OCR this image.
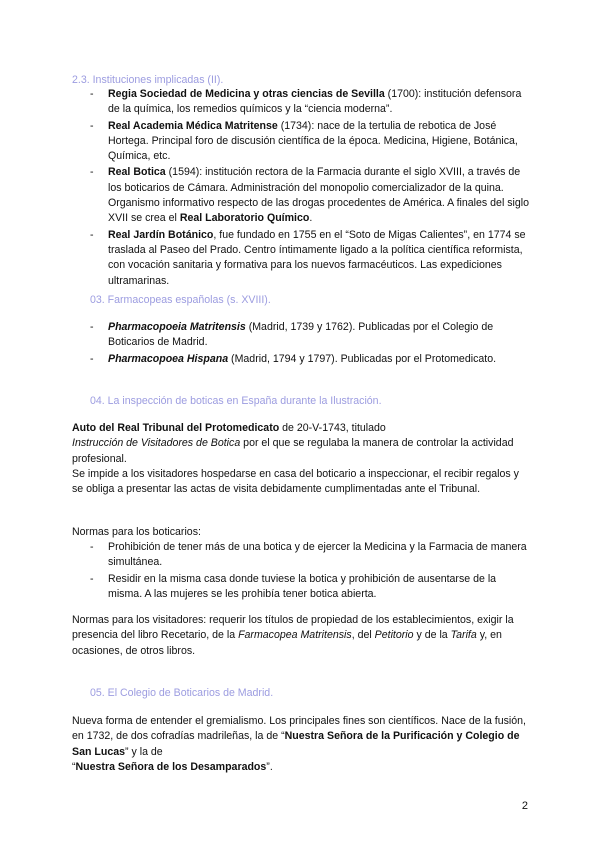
2.3. Instituciones implicadas (II).
- Regia Sociedad de Medicina y otras ciencias de Sevilla (1700): institución defensora de la química, los remedios químicos y la “ciencia moderna”.
- Real Academia Médica Matritense (1734): nace de la tertulia de rebotica de José Hortega. Principal foro de discusión científica de la época. Medicina, Higiene, Botánica, Química, etc.
- Real Botica (1594): institución rectora de la Farmacia durante el siglo XVIII, a través de los boticarios de Cámara. Administración del monopolio comercializador de la quina. Organismo informativo respecto de las drogas procedentes de América. A finales del siglo XVII se crea el Real Laboratorio Químico.
- Real Jardín Botánico, fue fundado en 1755 en el “Soto de Migas Calientes”, en 1774 se traslada al Paseo del Prado. Centro íntimamente ligado a la política científica reformista, con vocación sanitaria y formativa para los nuevos farmacéuticos. Las expediciones ultramarinas.
03. Farmacopeas españolas (s. XVIII).
- Pharmacopoeia Matritensis (Madrid, 1739 y 1762). Publicadas por el Colegio de Boticarios de Madrid.
- Pharmacopoea Hispana (Madrid, 1794 y 1797). Publicadas por el Protomedicato.
04. La inspección de boticas en España durante la Ilustración.
Auto del Real Tribunal del Protomedicato de 20-V-1743, titulado
Instrucción de Visitadores de Botica por el que se regulaba la manera de controlar la actividad profesional.
Se impide a los visitadores hospedarse en casa del boticario a inspeccionar, el recibir regalos y se obliga a presentar las actas de visita debidamente cumplimentadas ante el Tribunal.
Normas para los boticarios:
- Prohibición de tener más de una botica y de ejercer la Medicina y la Farmacia de manera simultánea.
- Residir en la misma casa donde tuviese la botica y prohibición de ausentarse de la misma. A las mujeres se les prohibía tener botica abierta.
Normas para los visitadores: requerir los títulos de propiedad de los establecimientos, exigir la presencia del libro Recetario, de la Farmacopea Matritensis, del Petitorio y de la Tarifa y, en ocasiones, de otros libros.
05. El Colegio de Boticarios de Madrid.
Nueva forma de entender el gremialismo. Los principales fines son científicos. Nace de la fusión, en 1732, de dos cofradías madrileñas, la de “Nuestra Señora de la Purificación y Colegio de San Lucas” y la de
“Nuestra Señora de los Desamparados”.
2
